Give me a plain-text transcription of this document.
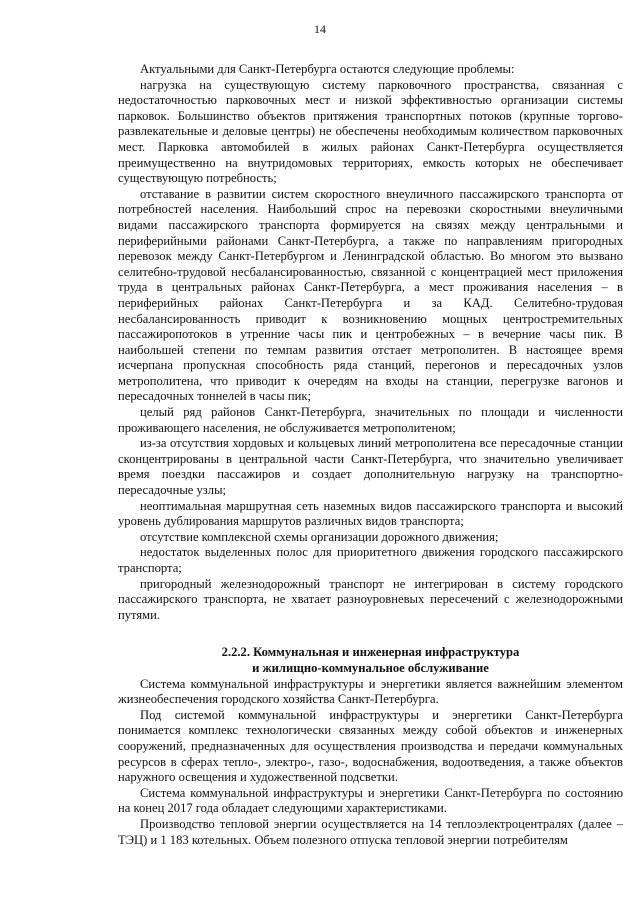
14

Актуальными для Санкт-Петербурга остаются следующие проблемы:

нагрузка на существующую систему парковочного пространства, связанная с недостаточностью парковочных мест и низкой эффективностью организации системы парковок. Большинство объектов притяжения транспортных потоков (крупные торгово-развлекательные и деловые центры) не обеспечены необходимым количеством парковочных мест. Парковка автомобилей в жилых районах Санкт-Петербурга осуществляется преимущественно на внутридомовых территориях, емкость которых не обеспечивает существующую потребность;

отставание в развитии систем скоростного внеуличного пассажирского транспорта от потребностей населения. Наибольший спрос на перевозки скоростными внеуличными видами пассажирского транспорта формируется на связях между центральными и периферийными районами Санкт-Петербурга, а также по направлениям пригородных перевозок между Санкт-Петербургом и Ленинградской областью. Во многом это вызвано селитебно-трудовой несбалансированностью, связанной с концентрацией мест приложения труда в центральных районах Санкт-Петербурга, а мест проживания населения – в периферийных районах Санкт-Петербурга и за КАД. Селитебно-трудовая несбалансированность приводит к возникновению мощных центростремительных пассажиропотоков в утренние часы пик и центробежных – в вечерние часы пик. В наибольшей степени по темпам развития отстает метрополитен. В настоящее время исчерпана пропускная способность ряда станций, перегонов и пересадочных узлов метрополитена, что приводит к очередям на входы на станции, перегрузке вагонов и пересадочных тоннелей в часы пик;

целый ряд районов Санкт-Петербурга, значительных по площади и численности проживающего населения, не обслуживается метрополитеном;

из-за отсутствия хордовых и кольцевых линий метрополитена все пересадочные станции сконцентрированы в центральной части Санкт-Петербурга, что значительно увеличивает время поездки пассажиров и создает дополнительную нагрузку на транспортно-пересадочные узлы;

неоптимальная маршрутная сеть наземных видов пассажирского транспорта и высокий уровень дублирования маршрутов различных видов транспорта;

отсутствие комплексной схемы организации дорожного движения;

недостаток выделенных полос для приоритетного движения городского пассажирского транспорта;

пригородный железнодорожный транспорт не интегрирован в систему городского пассажирского транспорта, не хватает разноуровневых пересечений с железнодорожными путями.

2.2.2. Коммунальная и инженерная инфраструктура
и жилищно-коммунальное обслуживание

Система коммунальной инфраструктуры и энергетики является важнейшим элементом жизнеобеспечения городского хозяйства Санкт-Петербурга.

Под системой коммунальной инфраструктуры и энергетики Санкт-Петербурга понимается комплекс технологически связанных между собой объектов и инженерных сооружений, предназначенных для осуществления производства и передачи коммунальных ресурсов в сферах тепло-, электро-, газо-, водоснабжения, водоотведения, а также объектов наружного освещения и художественной подсветки.

Система коммунальной инфраструктуры и энергетики Санкт-Петербурга по состоянию на конец 2017 года обладает следующими характеристиками.

Производство тепловой энергии осуществляется на 14 теплоэлектроцентралях (далее – ТЭЦ) и 1 183 котельных. Объем полезного отпуска тепловой энергии потребителям
